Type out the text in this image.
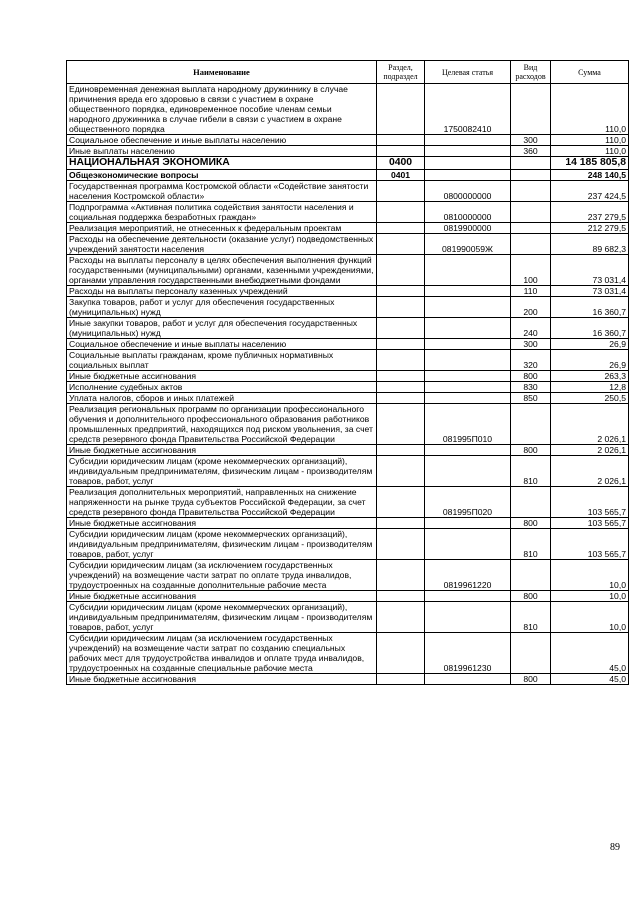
Наименование	Раздел, подраздел	Целевая статья	Вид расходов	Сумма
Единовременная денежная выплата народному дружиннику в случае причинения вреда его здоровью в связи с участием в охране общественного порядка, единовременное пособие членам семьи народного дружинника в случае гибели в связи с участием в охране общественного порядка		1750082410		110,0
Социальное обеспечение и иные выплаты населению			300	110,0
Иные выплаты населению			360	110,0
НАЦИОНАЛЬНАЯ ЭКОНОМИКА	0400			14 185 805,8
Общеэкономические вопросы	0401			248 140,5
Государственная программа Костромской области «Содействие занятости населения Костромской области»		0800000000		237 424,5
Подпрограмма «Активная политика содействия занятости населения и социальная поддержка безработных граждан»		0810000000		237 279,5
Реализация мероприятий, не отнесенных к федеральным проектам		0819900000		212 279,5
Расходы на обеспечение деятельности (оказание услуг) подведомственных учреждений занятости населения		081990059Ж		89 682,3
Расходы на выплаты персоналу в целях обеспечения выполнения функций государственными (муниципальными) органами, казенными учреждениями, органами управления государственными внебюджетными фондами			100	73 031,4
Расходы на выплаты персоналу казенных учреждений			110	73 031,4
Закупка товаров, работ и услуг для обеспечения государственных (муниципальных) нужд			200	16 360,7
Иные закупки товаров, работ и услуг для обеспечения государственных (муниципальных) нужд			240	16 360,7
Социальное обеспечение и иные выплаты населению			300	26,9
Социальные выплаты гражданам, кроме публичных нормативных социальных выплат			320	26,9
Иные бюджетные ассигнования			800	263,3
Исполнение судебных актов			830	12,8
Уплата налогов, сборов и иных платежей			850	250,5
Реализация региональных программ по организации профессионального обучения и дополнительного профессионального образования работников промышленных предприятий, находящихся под риском увольнения, за счет средств резервного фонда Правительства Российской Федерации		081995П010		2 026,1
Иные бюджетные ассигнования			800	2 026,1
Субсидии юридическим лицам (кроме некоммерческих организаций), индивидуальным предпринимателям, физическим лицам - производителям товаров, работ, услуг			810	2 026,1
Реализация дополнительных мероприятий, направленных на снижение напряженности на рынке труда субъектов Российской Федерации, за счет средств резервного фонда Правительства Российской Федерации		081995П020		103 565,7
Иные бюджетные ассигнования			800	103 565,7
Субсидии юридическим лицам (кроме некоммерческих организаций), индивидуальным предпринимателям, физическим лицам - производителям товаров, работ, услуг			810	103 565,7
Субсидии юридическим лицам (за исключением государственных учреждений) на возмещение части затрат по оплате труда инвалидов, трудоустроенных на созданные дополнительные рабочие места		0819961220		10,0
Иные бюджетные ассигнования			800	10,0
Субсидии юридическим лицам (кроме некоммерческих организаций), индивидуальным предпринимателям, физическим лицам - производителям товаров, работ, услуг			810	10,0
Субсидии юридическим лицам (за исключением государственных учреждений) на возмещение части затрат по созданию специальных рабочих мест для трудоустройства инвалидов и оплате труда инвалидов, трудоустроенных на созданные специальные рабочие места		0819961230		45,0
Иные бюджетные ассигнования			800	45,0
89
